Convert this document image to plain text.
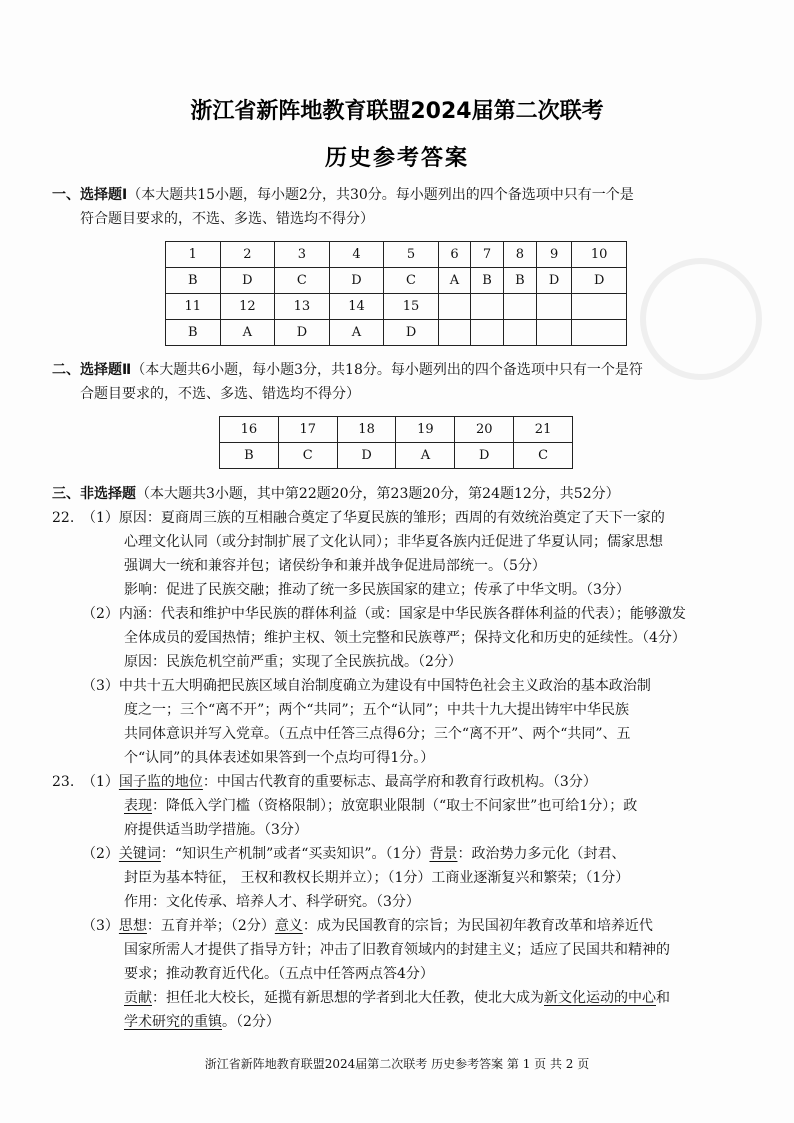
浙江省新阵地教育联盟2024届第二次联考
历史参考答案
一、选择题Ⅰ（本大题共15小题，每小题2分，共30分。每小题列出的四个备选项中只有一个是
符合题目要求的，不选、多选、错选均不得分）
1	2	3	4	5	6	7	8	9	10
B	D	C	D	C	A	B	B	D	D
11	12	13	14	15					
B	A	D	A	D					
二、选择题Ⅱ（本大题共6小题，每小题3分，共18分。每小题列出的四个备选项中只有一个是符
合题目要求的，不选、多选、错选均不得分）
16	17	18	19	20	21
B	C	D	A	D	C
三、非选择题（本大题共3小题，其中第22题20分，第23题20分，第24题12分，共52分）
22. （1）原因：夏商周三族的互相融合奠定了华夏民族的雏形；西周的有效统治奠定了天下一家的
心理文化认同（或分封制扩展了文化认同）；非华夏各族内迁促进了华夏认同；儒家思想
强调大一统和兼容并包；诸侯纷争和兼并战争促进局部统一。（5分）
影响：促进了民族交融；推动了统一多民族国家的建立；传承了中华文明。（3分）
（2）内涵：代表和维护中华民族的群体利益（或：国家是中华民族各群体利益的代表）；能够激发
全体成员的爱国热情；维护主权、领土完整和民族尊严；保持文化和历史的延续性。（4分）
原因：民族危机空前严重；实现了全民族抗战。（2分）
（3）中共十五大明确把民族区域自治制度确立为建设有中国特色社会主义政治的基本政治制
度之一；三个“离不开”；两个“共同”；五个“认同”；中共十九大提出铸牢中华民族
共同体意识并写入党章。（五点中任答三点得6分；三个“离不开”、两个“共同”、五
个“认同”的具体表述如果答到一个点均可得1分。）
23. （1）国子监的地位：中国古代教育的重要标志、最高学府和教育行政机构。（3分）
表现：降低入学门槛（资格限制）；放宽职业限制（“取士不问家世”也可给1分）；政
府提供适当助学措施。（3分）
（2）关键词：“知识生产机制”或者“买卖知识”。（1分）背景：政治势力多元化（封君、
封臣为基本特征， 王权和教权长期并立）；（1分）工商业逐渐复兴和繁荣；（1分）
作用：文化传承、培养人才、科学研究。（3分）
（3）思想：五育并举；（2分）意义：成为民国教育的宗旨；为民国初年教育改革和培养近代
国家所需人才提供了指导方针；冲击了旧教育领域内的封建主义；适应了民国共和精神的
要求；推动教育近代化。（五点中任答两点答4分）
贡献：担任北大校长，延揽有新思想的学者到北大任教，使北大成为新文化运动的中心和
学术研究的重镇。（2分）
浙江省新阵地教育联盟2024届第二次联考 历史参考答案 第 1 页 共 2 页
